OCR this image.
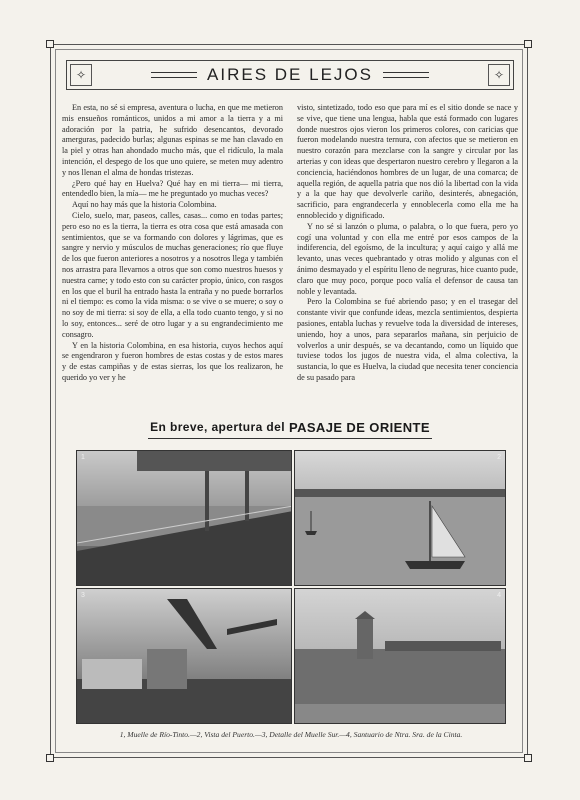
✧	AIRES DE LEJOS	✧

En esta, no sé si empresa, aventura o lucha, en que me metieron mis ensueños románticos, unidos a mi amor a la tierra y a mi adoración por la patria, he sufrido desencantos, devorado amerguras, padecido burlas; algunas espinas se me han clavado en la piel y otras han ahondado mucho más, que el ridículo, la mala intención, el despego de los que uno quiere, se meten muy adentro y nos llenan el alma de hondas tristezas.

¿Pero qué hay en Huelva? Qué hay en mi tierra— mi tierra, entendedlo bien, la mía— me he preguntado yo muchas veces?

Aquí no hay más que la historia Colombina.

Cielo, suelo, mar, paseos, calles, casas... como en todas partes; pero eso no es la tierra, la tierra es otra cosa que está amasada con sentimientos, que se va formando con dolores y lágrimas, que es sangre y nervio y músculos de muchas generaciones; río que fluye de los que fueron anteriores a nosotros y a nosotros llega y también nos arrastra para llevarnos a otros que son como nuestros huesos y nuestra carne; y todo esto con su carácter propio, único, con rasgos en los que el buril ha entrado hasta la entraña y no puede borrarlos ni el tiempo: es como la vida misma: o se vive o se muere; o soy o no soy de mi tierra: si soy de ella, a ella todo cuanto tengo, y si no lo soy, entonces... seré de otro lugar y a su engrandecimiento me consagro.

Y en la historia Colombina, en esa historia, cuyos hechos aquí se engendraron y fueron hombres de estas costas y de estos mares y de estas campiñas y de estas sierras, los que los realizaron, he querido yo ver y he

visto, sintetizado, todo eso que para mí es el sitio donde se nace y se vive, que tiene una lengua, habla que está formado con lugares donde nuestros ojos vieron los primeros colores, con caricias que fueron modelando nuestra ternura, con afectos que se metieron en nuestro corazón para mezclarse con la sangre y circular por las arterias y con ideas que despertaron nuestro cerebro y llegaron a la conciencia, haciéndonos hombres de un lugar, de una comarca; de aquella región, de aquella patria que nos dió la libertad con la vida y a la que hay que devolverle cariño, desinterés, abnegación, sacrificio, para engrandecerla y ennoblecerla como ella me ha ennoblecido y dignificado.

Y no sé si lanzón o pluma, o palabra, o lo que fuera, pero yo cogí una voluntad y con ella me entré por esos campos de la indiferencia, del egoísmo, de la incultura; y aquí caigo y allá me levanto, unas veces quebrantado y otras molido y algunas con el ánimo desmayado y el espíritu lleno de negruras, hice cuanto pude, claro que muy poco, porque poco valía el defensor de causa tan noble y levantada.

Pero la Colombina se fué abriendo paso; y en el trasegar del constante vivir que confunde ideas, mezcla sentimientos, despierta pasiones, entabla luchas y revuelve toda la diversidad de intereses, uniendo, hoy a unos, para separarlos mañana, sin perjuicio de volverlos a unir después, se va decantando, como un líquido que tuviese todos los jugos de nuestra vida, el alma colectiva, la sustancia, lo que es Huelva, la ciudad que necesita tener conciencia de su pasado para

En breve, apertura del PASAJE DE ORIENTE
1	2
3	4
1, Muelle de Río-Tinto.—2, Vista del Puerto.—3, Detalle del Muelle Sur.—4, Santuario de Ntra. Sra. de la Cinta.
